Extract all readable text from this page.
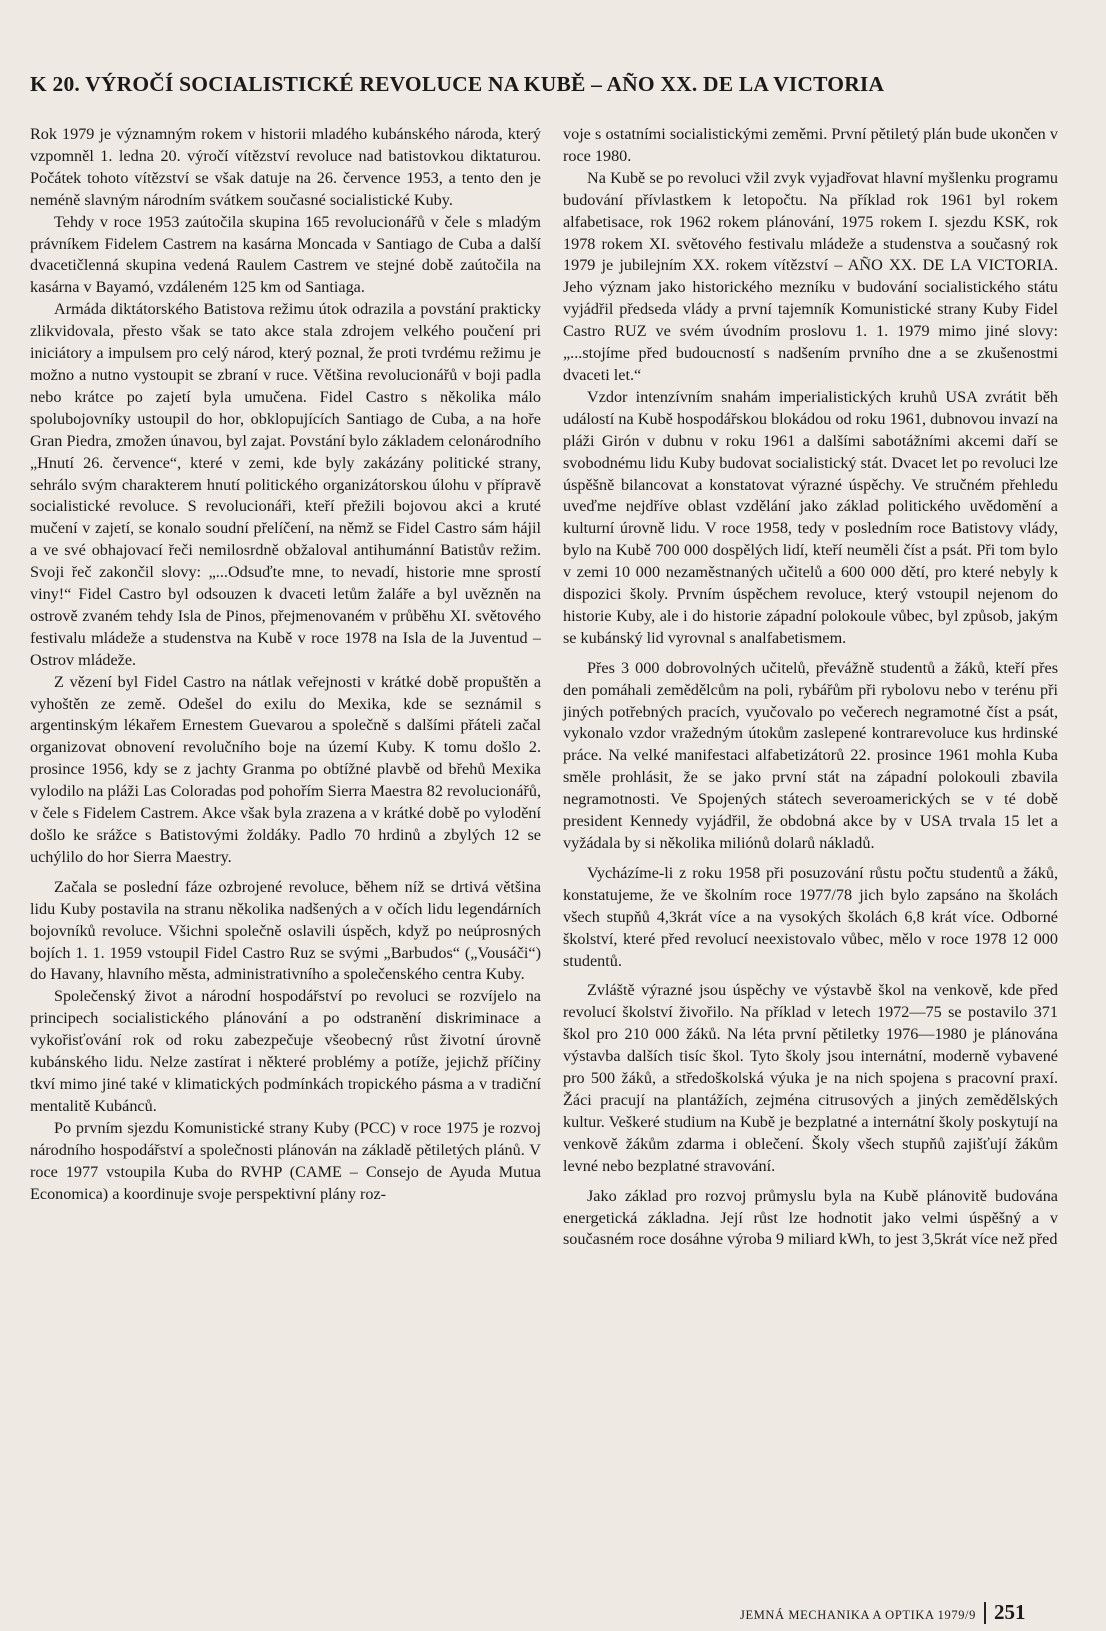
K 20. VÝROČÍ SOCIALISTICKÉ REVOLUCE NA KUBĚ – AÑO XX. DE LA VICTORIA

Rok 1979 je významným rokem v historii mladého kubánského národa, který vzpomněl 1. ledna 20. výročí vítězství revoluce nad batistovkou diktaturou. Počátek tohoto vítězství se však datuje na 26. července 1953, a tento den je neméně slavným národním svátkem současné socialistické Kuby.

Tehdy v roce 1953 zaútočila skupina 165 revolucionářů v čele s mladým právníkem Fidelem Castrem na kasárna Moncada v Santiago de Cuba a další dvacetičlenná skupina vedená Raulem Castrem ve stejné době zaútočila na kasárna v Bayamó, vzdáleném 125 km od Santiaga.

Armáda diktátorského Batistova režimu útok odrazila a povstání prakticky zlikvidovala, přesto však se tato akce stala zdrojem velkého poučení pri iniciátory a impulsem pro celý národ, který poznal, že proti tvrdému režimu je možno a nutno vystoupit se zbraní v ruce. Většina revolucionářů v boji padla nebo krátce po zajetí byla umučena. Fidel Castro s několika málo spolubojovníky ustoupil do hor, obklopujících Santiago de Cuba, a na hoře Gran Piedra, zmožen únavou, byl zajat. Povstání bylo základem celonárodního „Hnutí 26. července“, které v zemi, kde byly zakázány politické strany, sehrálo svým charakterem hnutí politického organizátorskou úlohu v přípravě socialistické revoluce. S revolucionáři, kteří přežili bojovou akci a kruté mučení v zajetí, se konalo soudní přelíčení, na němž se Fidel Castro sám hájil a ve své obhajovací řeči nemilosrdně obžaloval antihumánní Batistův režim. Svoji řeč zakončil slovy: „...Odsuďte mne, to nevadí, historie mne sprostí viny!“ Fidel Castro byl odsouzen k dvaceti letům žaláře a byl uvězněn na ostrově zvaném tehdy Isla de Pinos, přejmenovaném v průběhu XI. světového festivalu mládeže a studenstva na Kubě v roce 1978 na Isla de la Juventud – Ostrov mládeže.

Z vězení byl Fidel Castro na nátlak veřejnosti v krátké době propuštěn a vyhoštěn ze země. Odešel do exilu do Mexika, kde se seznámil s argentinským lékařem Ernestem Guevarou a společně s dalšími přáteli začal organizovat obnovení revolučního boje na území Kuby. K tomu došlo 2. prosince 1956, kdy se z jachty Granma po obtížné plavbě od břehů Mexika vylodilo na pláži Las Coloradas pod pohořím Sierra Maestra 82 revolucionářů, v čele s Fidelem Castrem. Akce však byla zrazena a v krátké době po vylodění došlo ke srážce s Batistovými žoldáky. Padlo 70 hrdinů a zbylých 12 se uchýlilo do hor Sierra Maestry.

Začala se poslední fáze ozbrojené revoluce, během níž se drtivá většina lidu Kuby postavila na stranu několika nadšených a v očích lidu legendárních bojovníků revoluce. Všichni společně oslavili úspěch, když po neúprosných bojích 1. 1. 1959 vstoupil Fidel Castro Ruz se svými „Barbudos“ („Vousáči“) do Havany, hlavního města, administrativního a společenského centra Kuby.

Společenský život a národní hospodářství po revoluci se rozvíjelo na principech socialistického plánování a po odstranění diskriminace a vykořisťování rok od roku zabezpečuje všeobecný růst životní úrovně kubánského lidu. Nelze zastírat i některé problémy a potíže, jejichž příčiny tkví mimo jiné také v klimatických podmínkách tropického pásma a v tradiční mentalitě Kubánců.

Po prvním sjezdu Komunistické strany Kuby (PCC) v roce 1975 je rozvoj národního hospodářství a společnosti plánován na základě pětiletých plánů. V roce 1977 vstoupila Kuba do RVHP (CAME – Consejo de Ayuda Mutua Economica) a koordinuje svoje perspektivní plány roz-

voje s ostatními socialistickými zeměmi. První pětiletý plán bude ukončen v roce 1980.

Na Kubě se po revoluci vžil zvyk vyjadřovat hlavní myšlenku programu budování přívlastkem k letopočtu. Na příklad rok 1961 byl rokem alfabetisace, rok 1962 rokem plánování, 1975 rokem I. sjezdu KSK, rok 1978 rokem XI. světového festivalu mládeže a studenstva a současný rok 1979 je jubilejním XX. rokem vítězství – AÑO XX. DE LA VICTORIA. Jeho význam jako historického mezníku v budování socialistického státu vyjádřil předseda vlády a první tajemník Komunistické strany Kuby Fidel Castro RUZ ve svém úvodním proslovu 1. 1. 1979 mimo jiné slovy: „...stojíme před budoucností s nadšením prvního dne a se zkušenostmi dvaceti let.“

Vzdor intenzívním snahám imperialistických kruhů USA zvrátit běh událostí na Kubě hospodářskou blokádou od roku 1961, dubnovou invazí na pláži Girón v dubnu v roku 1961 a dalšími sabotážními akcemi daří se svobodnému lidu Kuby budovat socialistický stát. Dvacet let po revoluci lze úspěšně bilancovat a konstatovat výrazné úspěchy. Ve stručném přehledu uveďme nejdříve oblast vzdělání jako základ politického uvědomění a kulturní úrovně lidu. V roce 1958, tedy v posledním roce Batistovy vlády, bylo na Kubě 700 000 dospělých lidí, kteří neuměli číst a psát. Při tom bylo v zemi 10 000 nezaměstnaných učitelů a 600 000 dětí, pro které nebyly k dispozici školy. Prvním úspěchem revoluce, který vstoupil nejenom do historie Kuby, ale i do historie západní polokoule vůbec, byl způsob, jakým se kubánský lid vyrovnal s analfabetismem.

Přes 3 000 dobrovolných učitelů, převážně studentů a žáků, kteří přes den pomáhali zemědělcům na poli, rybářům při rybolovu nebo v terénu při jiných potřebných pracích, vyučovalo po večerech negramotné číst a psát, vykonalo vzdor vražedným útokům zaslepené kontrarevoluce kus hrdinské práce. Na velké manifestaci alfabetizátorů 22. prosince 1961 mohla Kuba směle prohlásit, že se jako první stát na západní polokouli zbavila negramotnosti. Ve Spojených státech severoamerických se v té době president Kennedy vyjádřil, že obdobná akce by v USA trvala 15 let a vyžádala by si několika miliónů dolarů nákladů.

Vycházíme-li z roku 1958 při posuzování růstu počtu studentů a žáků, konstatujeme, že ve školním roce 1977/78 jich bylo zapsáno na školách všech stupňů 4,3krát více a na vysokých školách 6,8 krát více. Odborné školství, které před revolucí neexistovalo vůbec, mělo v roce 1978 12 000 studentů.

Zvláště výrazné jsou úspěchy ve výstavbě škol na venkově, kde před revolucí školství živořilo. Na příklad v letech 1972—75 se postavilo 371 škol pro 210 000 žáků. Na léta první pětiletky 1976—1980 je plánována výstavba dalších tisíc škol. Tyto školy jsou internátní, moderně vybavené pro 500 žáků, a středoškolská výuka je na nich spojena s pracovní praxí. Žáci pracují na plantážích, zejména citrusových a jiných zemědělských kultur. Veškeré studium na Kubě je bezplatné a internátní školy poskytují na venkově žákům zdarma i oblečení. Školy všech stupňů zajišťují žákům levné nebo bezplatné stravování.

Jako základ pro rozvoj průmyslu byla na Kubě plánovitě budována energetická základna. Její růst lze hodnotit jako velmi úspěšný a v současném roce dosáhne výroba 9 miliard kWh, to jest 3,5krát více než před

JEMNÁ MECHANIKA A OPTIKA 1979/9 251
